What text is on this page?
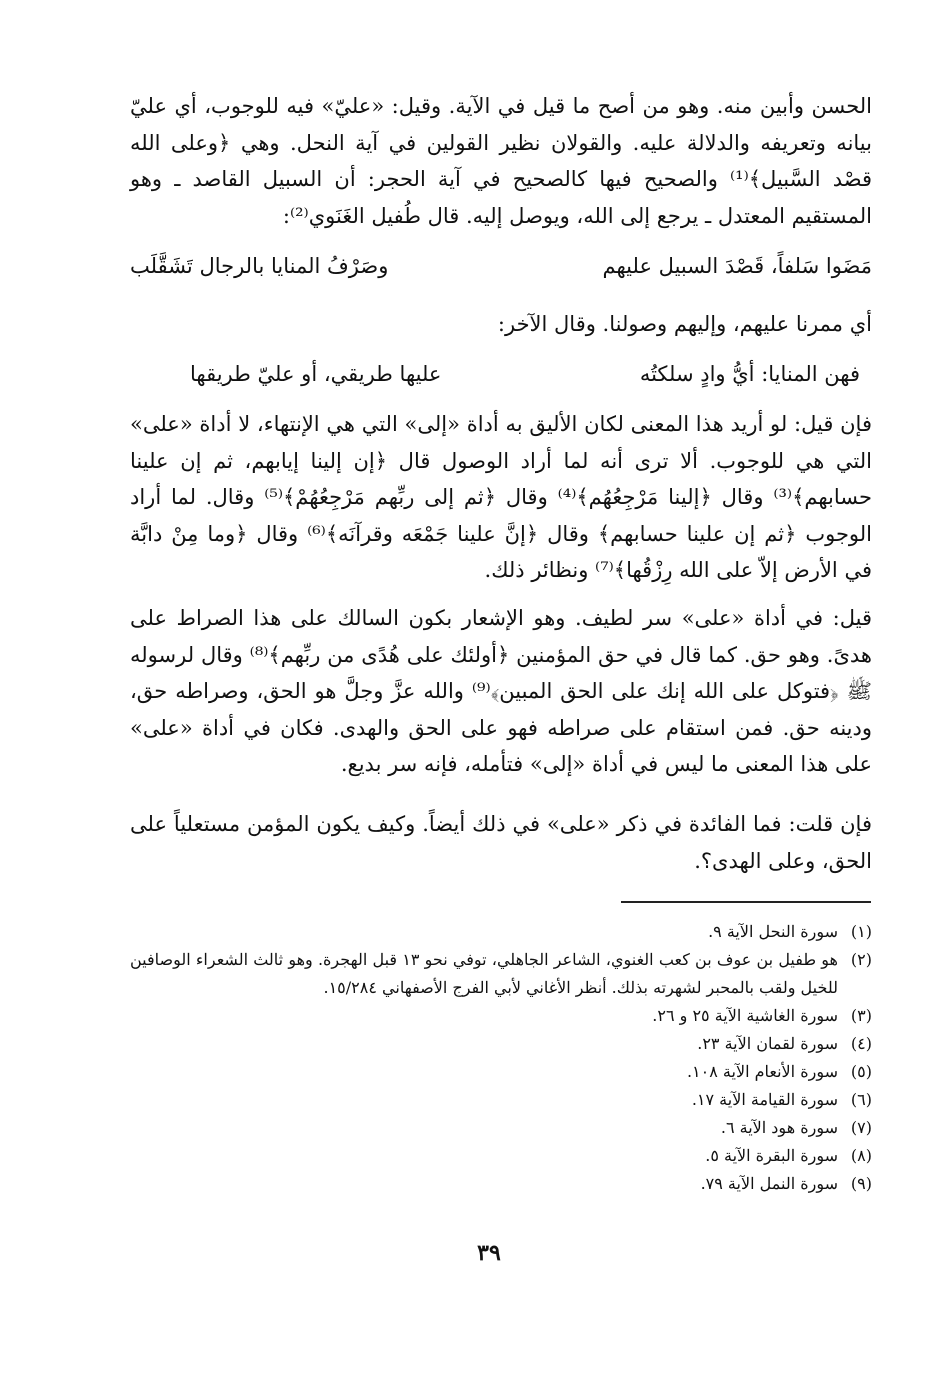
الحسن وأبين منه. وهو من أصح ما قيل في الآية. وقيل: «عليّ» فيه للوجوب، أي عليّ بيانه وتعريفه والدلالة عليه. والقولان نظير القولين في آية النحل. وهي ﴿وعلى الله قصْد السَّبيل﴾⁽¹⁾ والصحيح فيها كالصحيح في آية الحجر: أن السبيل القاصد ـ وهو المستقيم المعتدل ـ يرجع إلى الله، ويوصل إليه. قال طُفيل الغَنَوي⁽²⁾:

مَضَوا سَلفاً، قَصْدَ السبيل عليهم
وصَرْفُ المنايا بالرجال تَشَقَّلَب

أي ممرنا عليهم، وإليهم وصولنا. وقال الآخر:

فهن المنايا: أيُّ وادٍ سلكتُه
عليها طريقي، أو عليّ طريقها

فإن قيل: لو أريد هذا المعنى لكان الأليق به أداة «إلى» التي هي الإنتهاء، لا أداة «على» التي هي للوجوب. ألا ترى أنه لما أراد الوصول قال ﴿إن إلينا إيابهم، ثم إن علينا حسابهم﴾⁽³⁾ وقال ﴿إلينا مَرْجِعُهُم﴾⁽⁴⁾ وقال ﴿ثم إلى ربِّهم مَرْجِعُهُمْ﴾⁽⁵⁾ وقال. لما أراد الوجوب ﴿ثم إن علينا حسابهم﴾ وقال ﴿إنَّ علينا جَمْعَه وقرآنَه﴾⁽⁶⁾ وقال ﴿وما مِنْ دابَّة في الأرض إلاّ على الله رِزْقُها﴾⁽⁷⁾ ونظائر ذلك.

قيل: في أداة «على» سر لطيف. وهو الإشعار بكون السالك على هذا الصراط على هدىً. وهو حق. كما قال في حق المؤمنين ﴿أولئك على هُدًى من ربِّهم﴾⁽⁸⁾ وقال لرسوله ﷺ ﴿فتوكل على الله إنك على الحق المبين﴾⁽⁹⁾ والله عزَّ وجلَّ هو الحق، وصراطه حق، ودينه حق. فمن استقام على صراطه فهو على الحق والهدى. فكان في أداة «على» على هذا المعنى ما ليس في أداة «إلى» فتأمله، فإنه سر بديع.

فإن قلت: فما الفائدة في ذكر «على» في ذلك أيضاً. وكيف يكون المؤمن مستعلياً على الحق، وعلى الهدى؟.

(١)
سورة النحل الآية ٩.
(٢)
هو طفيل بن عوف بن كعب الغنوي، الشاعر الجاهلي، توفي نحو ١٣ قبل الهجرة. وهو ثالث الشعراء الوصافين للخيل ولقب بالمحبر لشهرته بذلك. أنظر الأغاني لأبي الفرج الأصفهاني ١٥/٢٨٤.
(٣)
سورة الغاشية الآية ٢٥ و ٢٦.
(٤)
سورة لقمان الآية ٢٣.
(٥)
سورة الأنعام الآية ١٠٨.
(٦)
سورة القيامة الآية ١٧.
(٧)
سورة هود الآية ٦.
(٨)
سورة البقرة الآية ٥.
(٩)
سورة النمل الآية ٧٩.
٣٩
